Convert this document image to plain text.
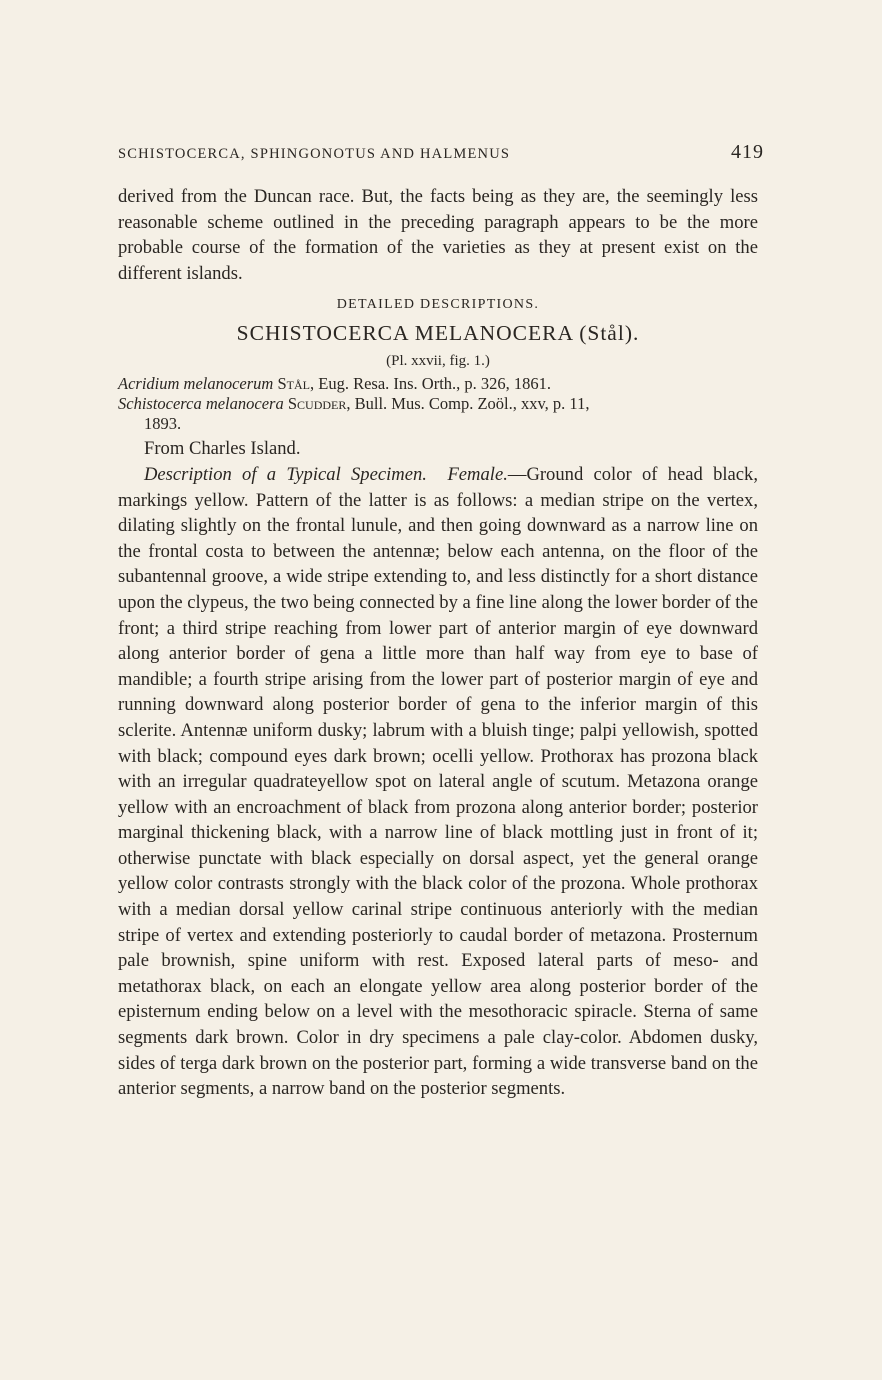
SCHISTOCERCA, SPHINGONOTUS AND HALMENUS	419

derived from the Duncan race. But, the facts being as they are, the seemingly less reasonable scheme outlined in the preceding paragraph appears to be the more probable course of the formation of the varieties as they at present exist on the different islands.

DETAILED DESCRIPTIONS.

SCHISTOCERCA MELANOCERA (Stål).

(Pl. xxvii, fig. 1.)

Acridium melanocerum Stål, Eug. Resa. Ins. Orth., p. 326, 1861.

Schistocerca melanocera Scudder, Bull. Mus. Comp. Zoöl., xxv, p. 11,

1893.

From Charles Island.

Description of a Typical Specimen. Female.—Ground color of head black, markings yellow. Pattern of the latter is as follows: a median stripe on the vertex, dilating slightly on the frontal lunule, and then going downward as a narrow line on the frontal costa to between the antennæ; below each antenna, on the floor of the subantennal groove, a wide stripe extending to, and less distinctly for a short distance upon the clypeus, the two being connected by a fine line along the lower border of the front; a third stripe reaching from lower part of anterior margin of eye downward along anterior border of gena a little more than half way from eye to base of mandible; a fourth stripe arising from the lower part of posterior margin of eye and running downward along posterior border of gena to the inferior margin of this sclerite. Antennæ uniform dusky; labrum with a bluish tinge; palpi yellowish, spotted with black; compound eyes dark brown; ocelli yellow. Prothorax has prozona black with an irregular quadrateyellow spot on lateral angle of scutum. Metazona orange yellow with an encroachment of black from prozona along anterior border; posterior marginal thickening black, with a narrow line of black mottling just in front of it; otherwise punctate with black especially on dorsal aspect, yet the general orange yellow color contrasts strongly with the black color of the prozona. Whole prothorax with a median dorsal yellow carinal stripe continuous anteriorly with the median stripe of vertex and extending posteriorly to caudal border of metazona. Prosternum pale brownish, spine uniform with rest. Exposed lateral parts of meso- and metathorax black, on each an elongate yellow area along posterior border of the episternum ending below on a level with the mesothoracic spiracle. Sterna of same segments dark brown. Color in dry specimens a pale clay-color. Abdomen dusky, sides of terga dark brown on the posterior part, forming a wide transverse band on the anterior segments, a narrow band on the posterior segments.
